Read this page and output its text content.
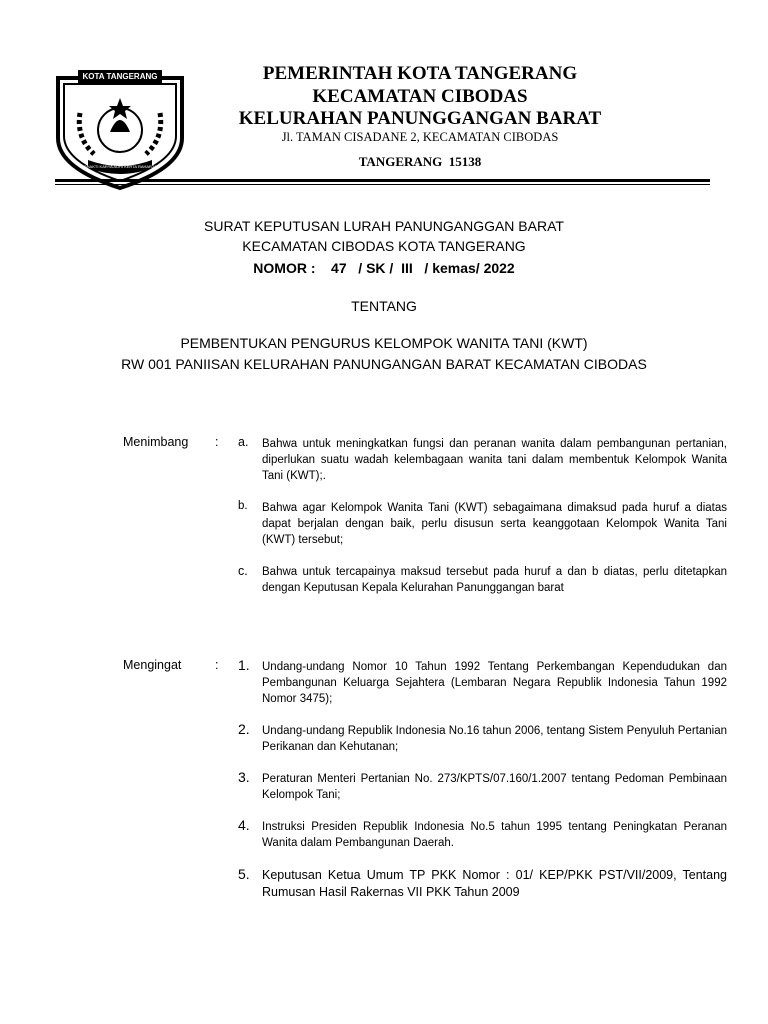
KOTA TANGERANG
BHAKTI KARYA ADHI KERTA RAHARJA
PEMERINTAH KOTA TANGERANG
KECAMATAN CIBODAS
KELURAHAN PANUNGGANGAN BARAT
Jl. TAMAN CISADANE 2, KECAMATAN CIBODAS
TANGERANG  15138
SURAT KEPUTUSAN LURAH PANUNGANGGAN BARAT
KECAMATAN CIBODAS KOTA TANGERANG
NOMOR :    47   / SK /  III   / kemas/ 2022
TENTANG
PEMBENTUKAN PENGURUS KELOMPOK WANITA TANI (KWT)
RW 001 PANIISAN KELURAHAN PANUNGANGAN BARAT KECAMATAN CIBODAS
Menimbang : a. Bahwa untuk meningkatkan fungsi dan peranan wanita dalam pembangunan pertanian, diperlukan suatu wadah kelembagaan wanita tani dalam membentuk Kelompok Wanita Tani (KWT);.
b. Bahwa agar Kelompok Wanita Tani (KWT) sebagaimana dimaksud pada huruf a diatas dapat berjalan dengan baik, perlu disusun serta keanggotaan Kelompok Wanita Tani (KWT) tersebut;
c. Bahwa untuk tercapainya maksud tersebut pada huruf a dan b diatas, perlu ditetapkan dengan Keputusan Kepala Kelurahan Panunggangan barat
Mengingat	: 1. Undang-undang Nomor 10 Tahun 1992 Tentang Perkembangan Kependudukan dan Pembangunan Keluarga Sejahtera (Lembaran Negara Republik Indonesia Tahun 1992 Nomor 3475);
2. Undang-undang Republik Indonesia No.16 tahun 2006, tentang Sistem Penyuluh Pertanian Perikanan dan Kehutanan;
3. Peraturan Menteri Pertanian No. 273/KPTS/07.160/1.2007 tentang Pedoman Pembinaan Kelompok Tani;
4. Instruksi Presiden Republik Indonesia No.5 tahun 1995 tentang Peningkatan Peranan Wanita dalam Pembangunan Daerah.
5. Keputusan Ketua Umum TP PKK Nomor : 01/ KEP/PKK PST/VII/2009, Tentang Rumusan Hasil Rakernas VII PKK Tahun 2009
